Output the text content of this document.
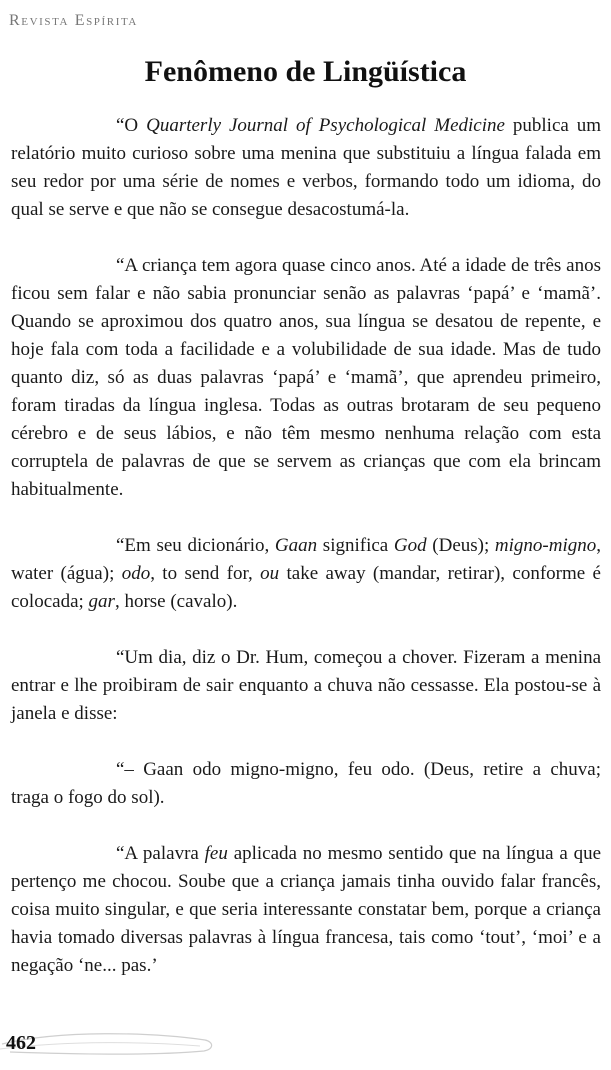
Revista Espírita
Fenômeno de Lingüística

“O Quarterly Journal of Psychological Medicine publica um relatório muito curioso sobre uma menina que substituiu a língua falada em seu redor por uma série de nomes e verbos, formando todo um idioma, do qual se serve e que não se consegue desacostumá-la.

“A criança tem agora quase cinco anos. Até a idade de três anos ficou sem falar e não sabia pronunciar senão as palavras ‘papá’ e ‘mamã’. Quando se aproximou dos quatro anos, sua língua se desatou de repente, e hoje fala com toda a facilidade e a volubilidade de sua idade. Mas de tudo quanto diz, só as duas palavras ‘papá’ e ‘mamã’, que aprendeu primeiro, foram tiradas da língua inglesa. Todas as outras brotaram de seu pequeno cérebro e de seus lábios, e não têm mesmo nenhuma relação com esta corruptela de palavras de que se servem as crianças que com ela brincam habitualmente.

“Em seu dicionário, Gaan significa God (Deus); migno-migno, water (água); odo, to send for, ou take away (mandar, retirar), conforme é colocada; gar, horse (cavalo).

“Um dia, diz o Dr. Hum, começou a chover. Fizeram a menina entrar e lhe proibiram de sair enquanto a chuva não cessasse. Ela postou-se à janela e disse:

“– Gaan odo migno-migno, feu odo. (Deus, retire a chuva; traga o fogo do sol).

“A palavra feu aplicada no mesmo sentido que na língua a que pertenço me chocou. Soube que a criança jamais tinha ouvido falar francês, coisa muito singular, e que seria interessante constatar bem, porque a criança havia tomado diversas palavras à língua francesa, tais como ‘tout’, ‘moi’ e a negação ‘ne... pas.’

462
